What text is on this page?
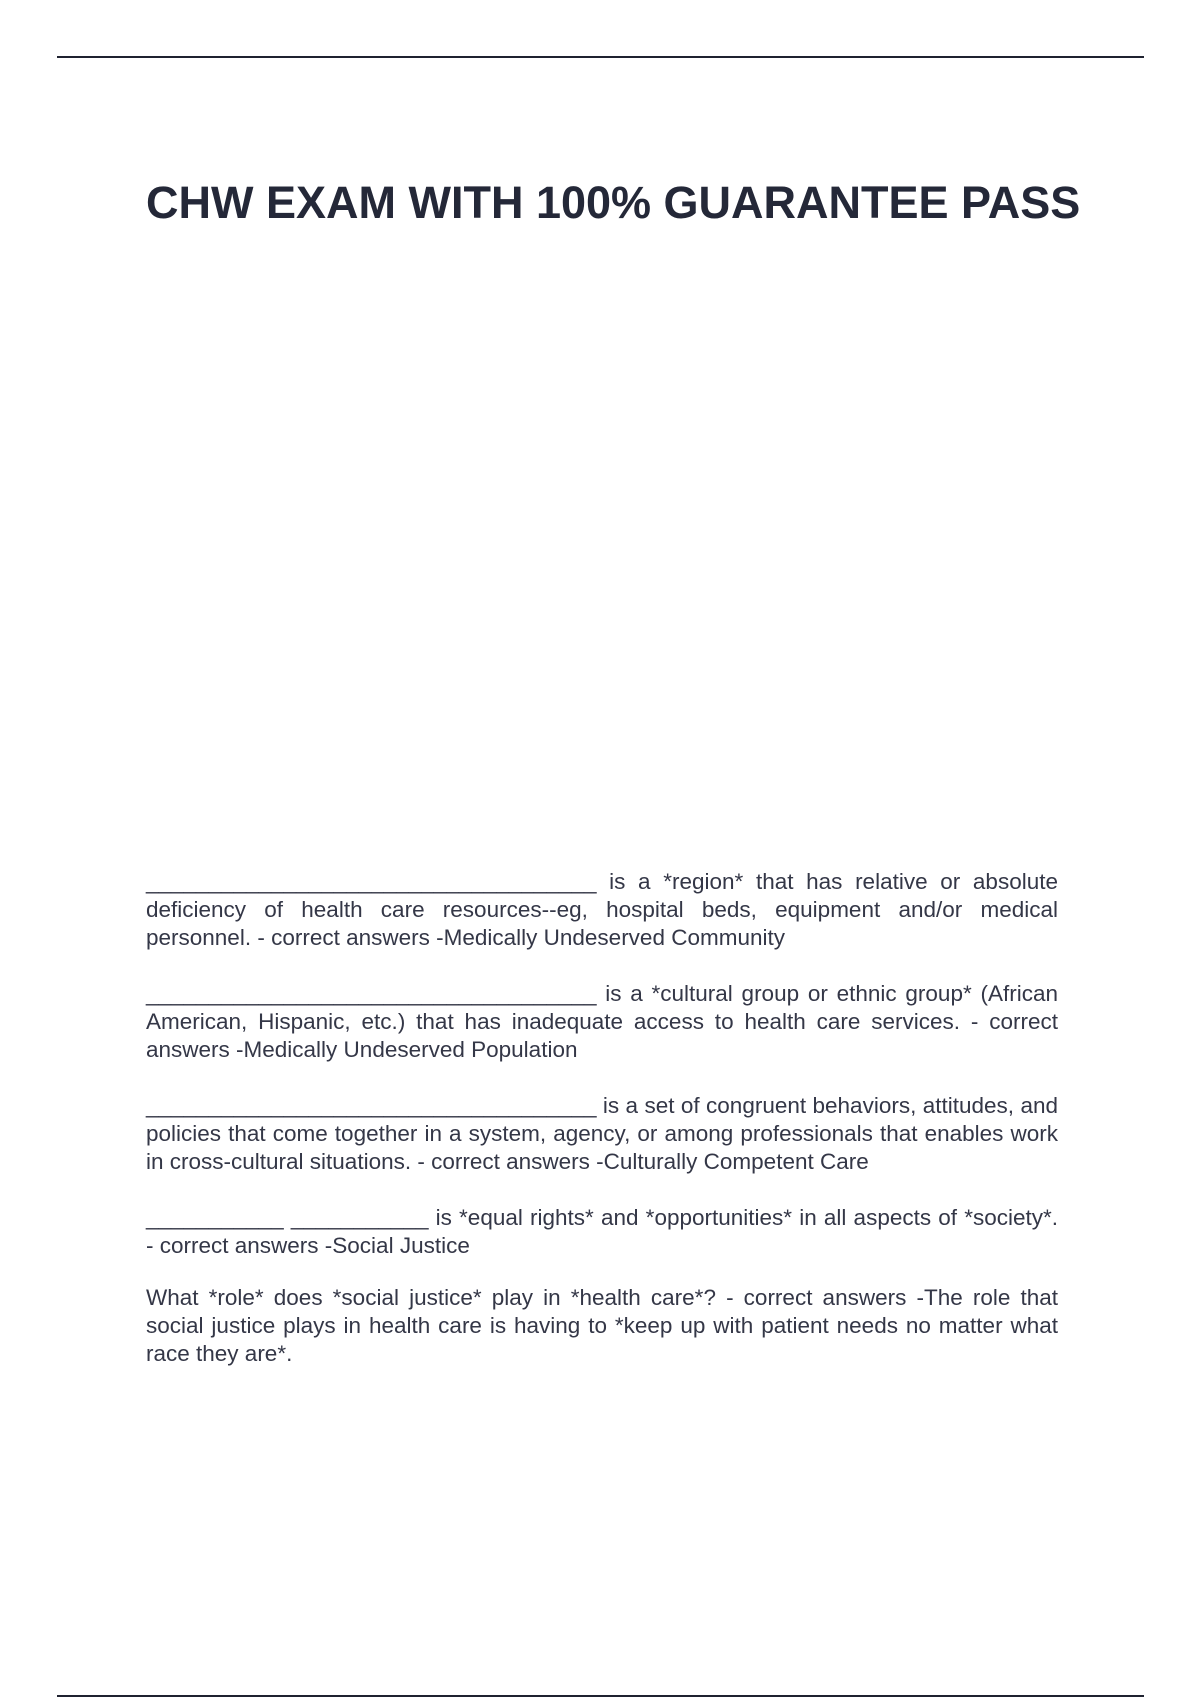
CHW EXAM WITH 100% GUARANTEE PASS

____________________________________ is a *region* that has relative or absolute deficiency of health care resources--eg, hospital beds, equipment and/or medical personnel. - correct answers -Medically Undeserved Community

____________________________________ is a *cultural group or ethnic group* (African American, Hispanic, etc.) that has inadequate access to health care services. - correct answers -Medically Undeserved Population

____________________________________ is a set of congruent behaviors, attitudes, and policies that come together in a system, agency, or among professionals that enables work in cross-cultural situations. - correct answers -Culturally Competent Care

___________ ___________ is *equal rights* and *opportunities* in all aspects of *society*. - correct answers -Social Justice

What *role* does *social justice* play in *health care*? - correct answers -The role that social justice plays in health care is having to *keep up with patient needs no matter what race they are*.
